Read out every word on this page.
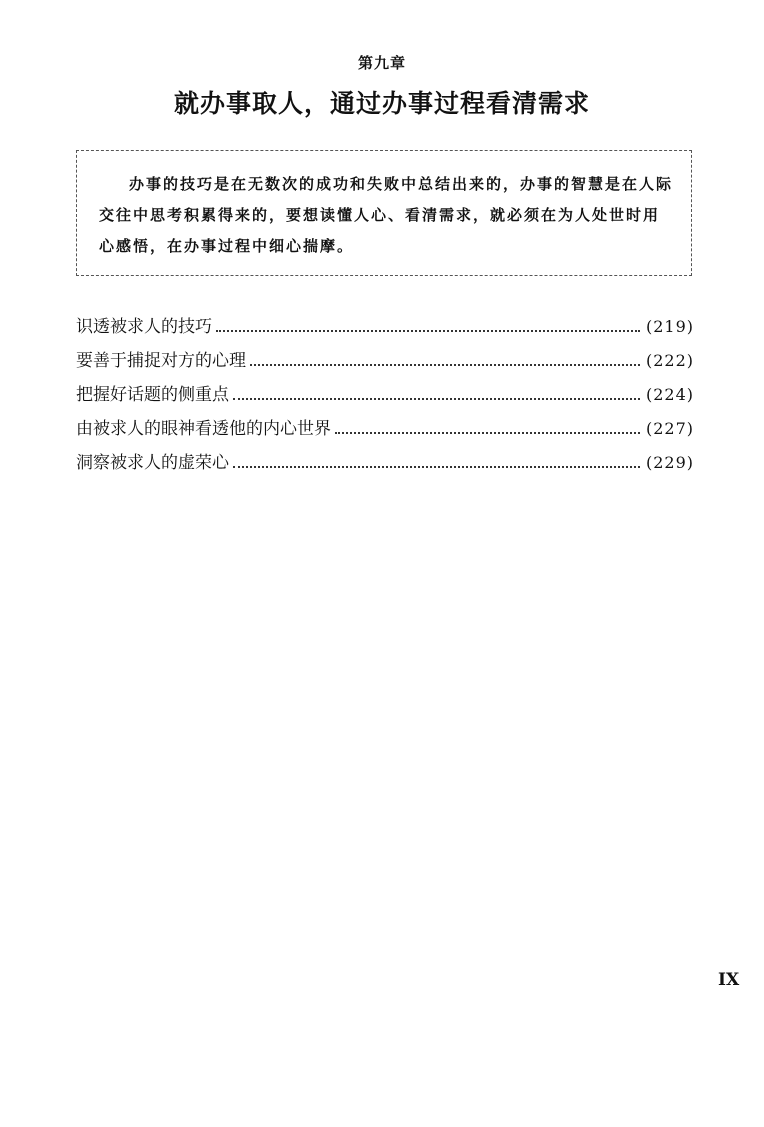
第九章
就办事取人，通过办事过程看清需求

办事的技巧是在无数次的成功和失败中总结出来的，办事的智慧是在人际交往中思考积累得来的，要想读懂人心、看清需求，就必须在为人处世时用心感悟，在办事过程中细心揣摩。

识透被求人的技巧	(219)
要善于捕捉对方的心理	(222)
把握好话题的侧重点	(224)
由被求人的眼神看透他的内心世界	(227)
洞察被求人的虚荣心	(229)
IX
